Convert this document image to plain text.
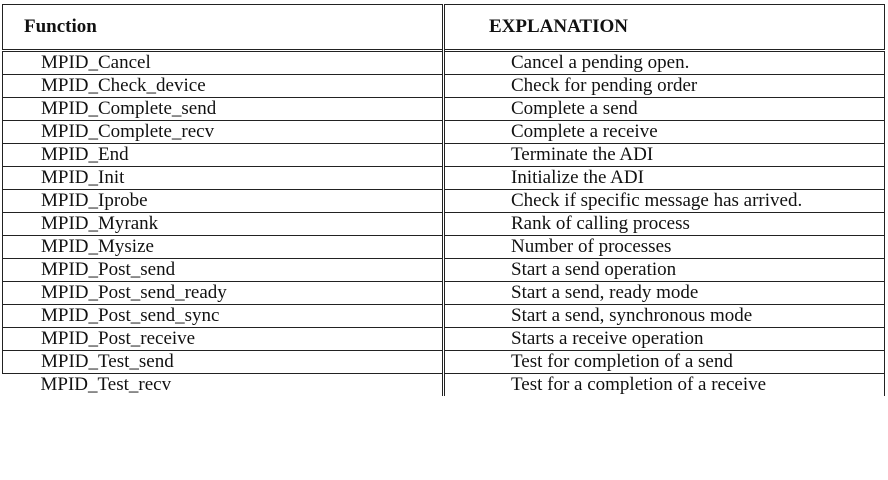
Function	EXPLANATION
MPID_Cancel	Cancel a pending open.
MPID_Check_device	Check for pending order
MPID_Complete_send	Complete a send
MPID_Complete_recv	Complete a receive
MPID_End	Terminate the ADI
MPID_Init	Initialize the ADI
MPID_Iprobe	Check if specific message has arrived.
MPID_Myrank	Rank of calling process
MPID_Mysize	Number of processes
MPID_Post_send	Start a send operation
MPID_Post_send_ready	Start a send, ready mode
MPID_Post_send_sync	Start a send, synchronous mode
MPID_Post_receive	Starts a receive operation
MPID_Test_send	Test for completion of a send
MPID_Test_recv	Test for a completion of a receive
